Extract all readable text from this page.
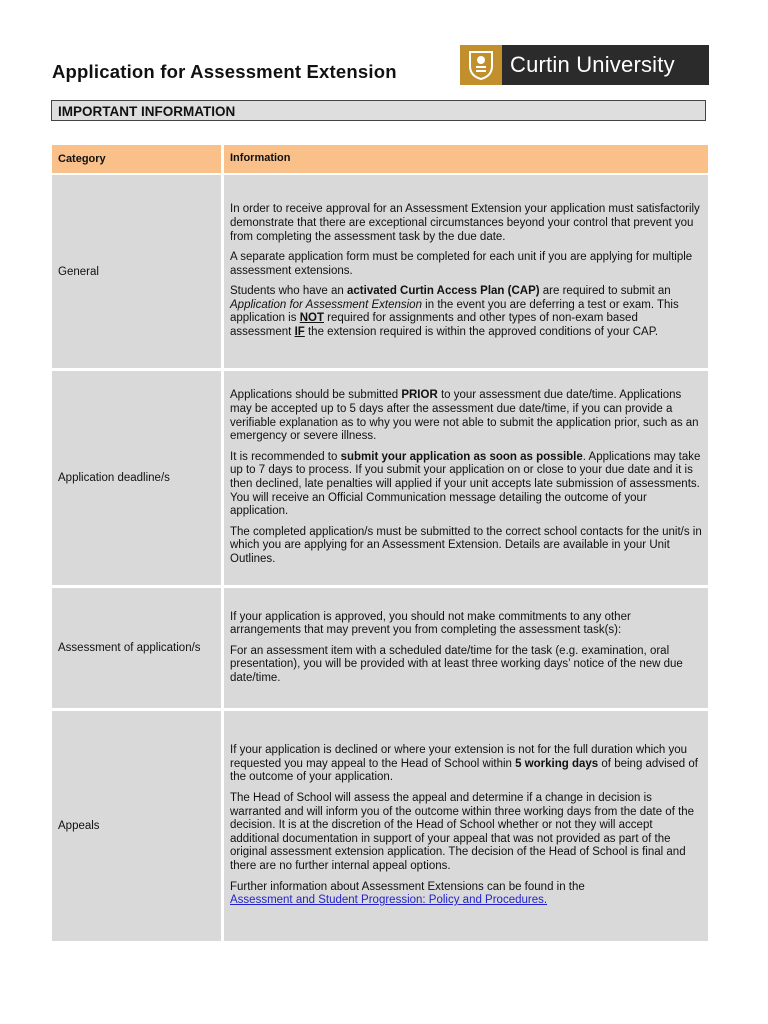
Application for Assessment Extension	Curtin University
IMPORTANT INFORMATION
Category	Information
General

In order to receive approval for an Assessment Extension your application must satisfactorily demonstrate that there are exceptional circumstances beyond your control that prevent you from completing the assessment task by the due date.

A separate application form must be completed for each unit if you are applying for multiple assessment extensions.

Students who have an activated Curtin Access Plan (CAP) are required to submit an Application for Assessment Extension in the event you are deferring a test or exam. This application is NOT required for assignments and other types of non-exam based assessment IF the extension required is within the approved conditions of your CAP.

Application deadline/s

Applications should be submitted PRIOR to your assessment due date/time. Applications may be accepted up to 5 days after the assessment due date/time, if you can provide a verifiable explanation as to why you were not able to submit the application prior, such as an emergency or severe illness.

It is recommended to submit your application as soon as possible. Applications may take up to 7 days to process. If you submit your application on or close to your due date and it is then declined, late penalties will applied if your unit accepts late submission of assessments. You will receive an Official Communication message detailing the outcome of your application.

The completed application/s must be submitted to the correct school contacts for the unit/s in which you are applying for an Assessment Extension. Details are available in your Unit Outlines.

Assessment of application/s

If your application is approved, you should not make commitments to any other arrangements that may prevent you from completing the assessment task(s):

For an assessment item with a scheduled date/time for the task (e.g. examination, oral presentation), you will be provided with at least three working days’ notice of the new due date/time.

Appeals

If your application is declined or where your extension is not for the full duration which you requested you may appeal to the Head of School within 5 working days of being advised of the outcome of your application.

The Head of School will assess the appeal and determine if a change in decision is warranted and will inform you of the outcome within three working days from the date of the decision. It is at the discretion of the Head of School whether or not they will accept additional documentation in support of your appeal that was not provided as part of the original assessment extension application. The decision of the Head of School is final and there are no further internal appeal options.

Further information about Assessment Extensions can be found in the
Assessment and Student Progression: Policy and Procedures.
